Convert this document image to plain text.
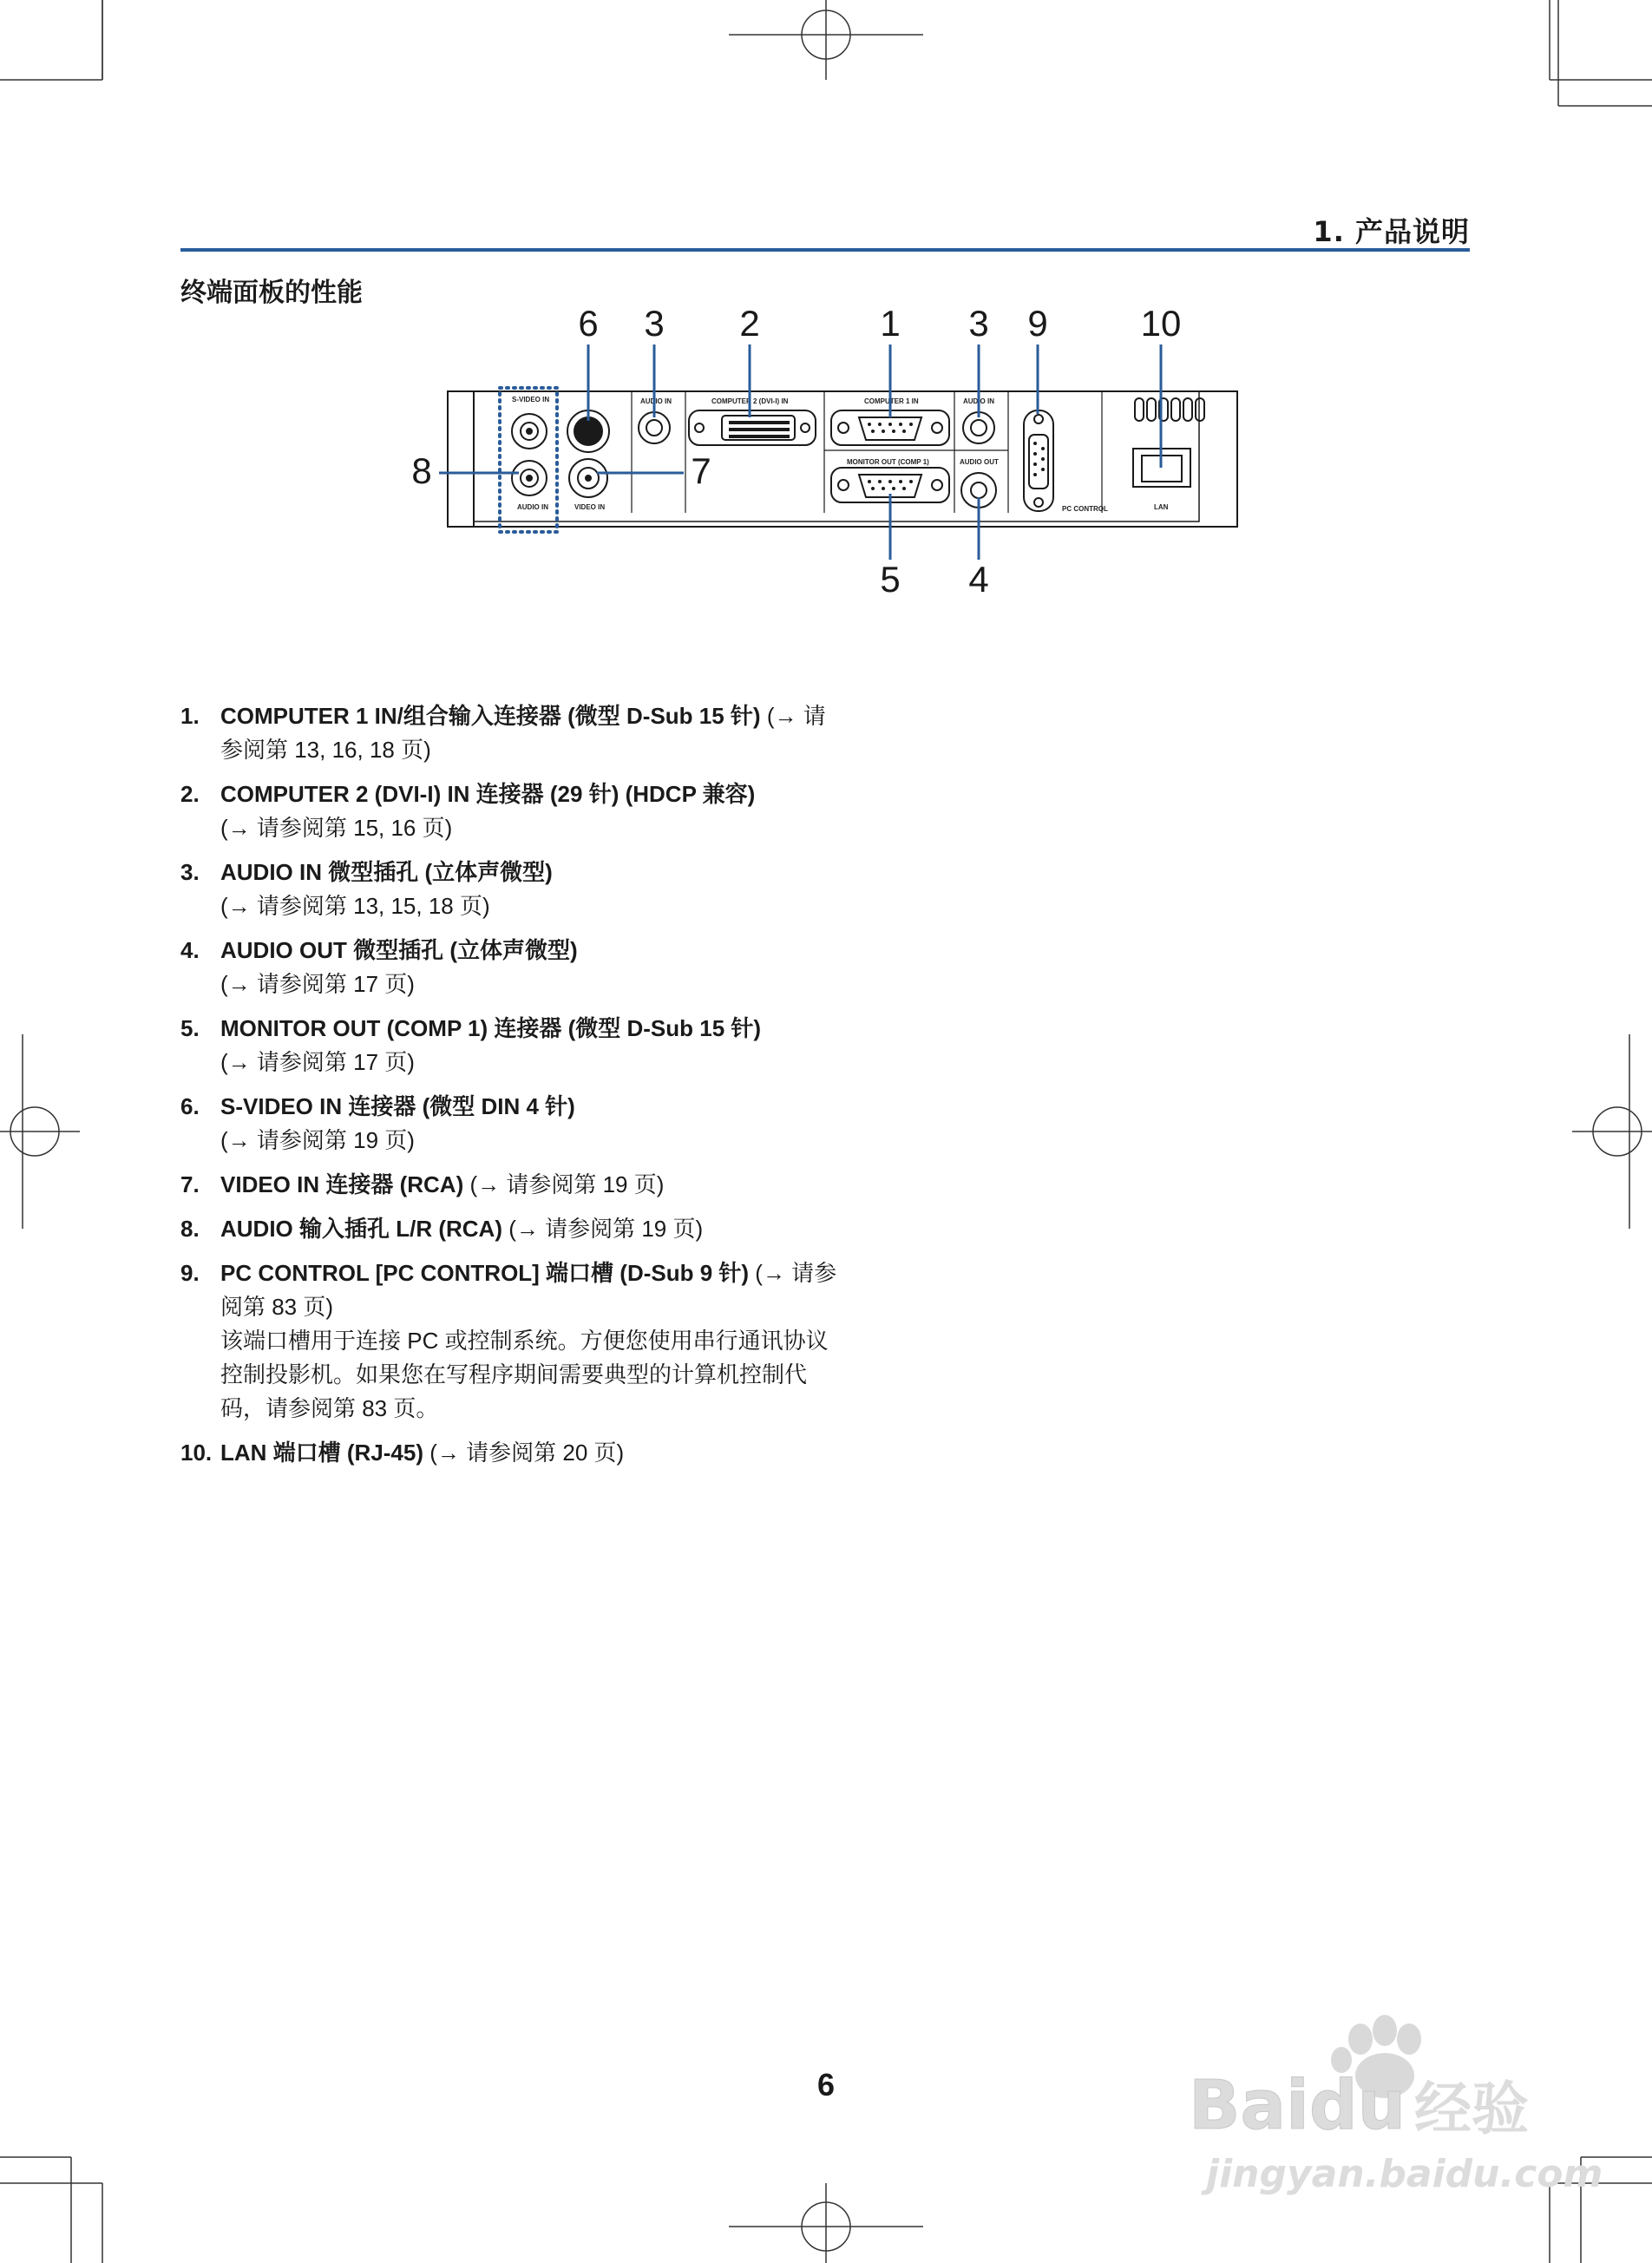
1. 产品说明
终端面板的性能
6 3 2	1 3 9	10
8	7
5 4
S-VIDEO IN
AUDIO IN	VIDEO IN
AUDIO IN	COMPUTER 2 (DVI-I) IN	COMPUTER 1 IN	AUDIO IN
MONITOR OUT (COMP 1)	AUDIO OUT
PC CONTROL	LAN
1. COMPUTER 1 IN/组合输入连接器 (微型 D-Sub 15 针) (→ 请参阅第 13, 16, 18 页)
2. COMPUTER 2 (DVI-I) IN 连接器 (29 针) (HDCP 兼容)
(→ 请参阅第 15, 16 页)
3. AUDIO IN 微型插孔 (立体声微型)
(→ 请参阅第 13, 15, 18 页)
4. AUDIO OUT 微型插孔 (立体声微型)
(→ 请参阅第 17 页)
5. MONITOR OUT (COMP 1) 连接器 (微型 D-Sub 15 针)
(→ 请参阅第 17 页)
6. S-VIDEO IN 连接器 (微型 DIN 4 针)
(→ 请参阅第 19 页)
7. VIDEO IN 连接器 (RCA) (→ 请参阅第 19 页)
8. AUDIO 输入插孔 L/R (RCA) (→ 请参阅第 19 页)
9. PC CONTROL [PC CONTROL] 端口槽 (D-Sub 9 针) (→ 请参阅第 83 页)
该端口槽用于连接 PC 或控制系统。方便您使用串行通讯协议控制投影机。如果您在写程序期间需要典型的计算机控制代码，请参阅第 83 页。
10. LAN 端口槽 (RJ-45) (→ 请参阅第 20 页)
6	Baidu 经验
jingyan.baidu.com
